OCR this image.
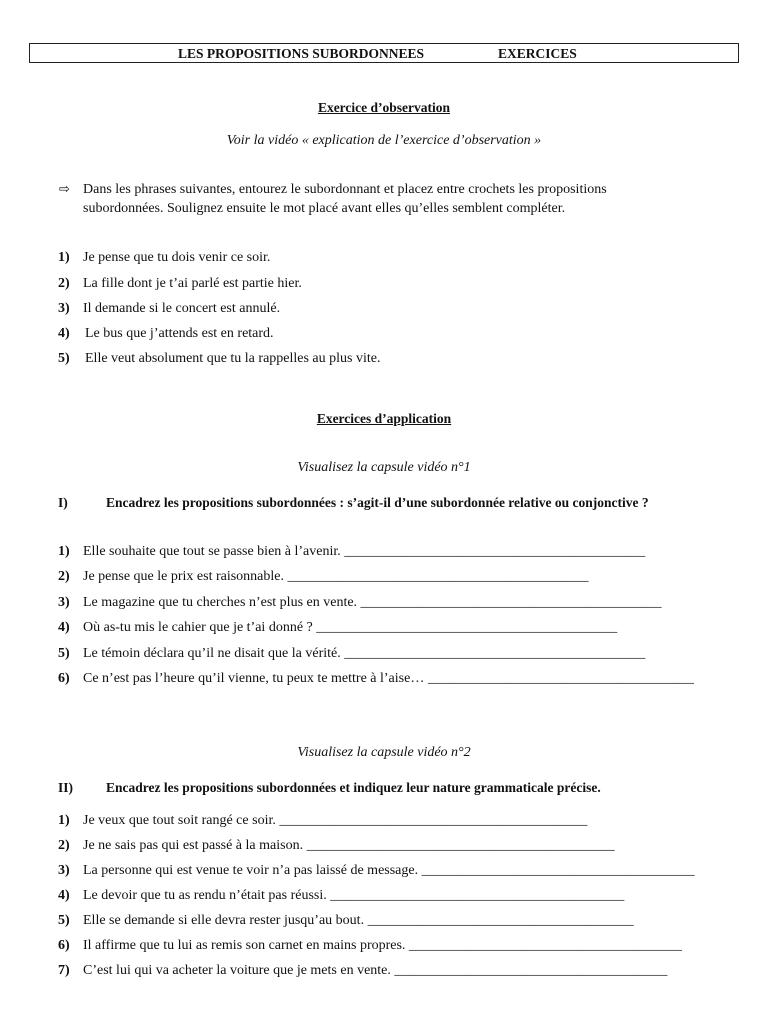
LES PROPOSITIONS SUBORDONNEES	EXERCICES
Exercice d’observation
Voir la vidéo « explication de l’exercice d’observation »
⇨ Dans les phrases suivantes, entourez le subordonnant et placez entre crochets les propositions
subordonnées. Soulignez ensuite le mot placé avant elles qu’elles semblent compléter.
1) Je pense que tu dois venir ce soir.
2) La fille dont je t’ai parlé est partie hier.
3) Il demande si le concert est annulé.
4) Le bus que j’attends est en retard.
5) Elle veut absolument que tu la rappelles au plus vite.
Exercices d’application
Visualisez la capsule vidéo n°1
I)	Encadrez les propositions subordonnées : s’agit-il d’une subordonnée relative ou conjonctive ?
1) Elle souhaite que tout se passe bien à l’avenir. ___________________________________________
2) Je pense que le prix est raisonnable. ___________________________________________
3) Le magazine que tu cherches n’est plus en vente. ___________________________________________
4) Où as-tu mis le cahier que je t’ai donné ? ___________________________________________
5) Le témoin déclara qu’il ne disait que la vérité. ___________________________________________
6) Ce n’est pas l’heure qu’il vienne, tu peux te mettre à l’aise… ______________________________________
Visualisez la capsule vidéo n°2
II) Encadrez les propositions subordonnées et indiquez leur nature grammaticale précise.
1) Je veux que tout soit rangé ce soir. ____________________________________________
2) Je ne sais pas qui est passé à la maison. ____________________________________________
3) La personne qui est venue te voir n’a pas laissé de message. _______________________________________
4) Le devoir que tu as rendu n’était pas réussi. __________________________________________
5) Elle se demande si elle devra rester jusqu’au bout. ______________________________________
6) Il affirme que tu lui as remis son carnet en mains propres. _______________________________________
7) C’est lui qui va acheter la voiture que je mets en vente. _______________________________________
